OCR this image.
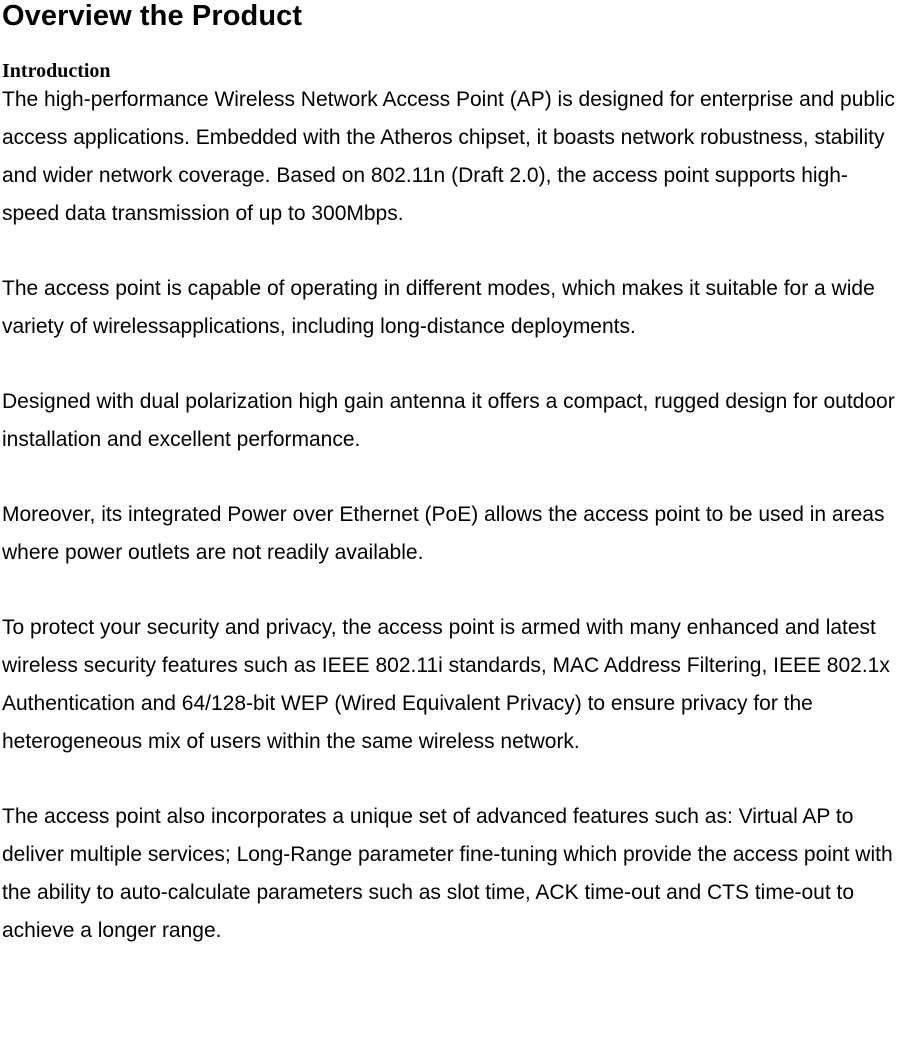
Overview the Product
Introduction

The high-performance Wireless Network Access Point (AP) is designed for enterprise and public access applications. Embedded with the Atheros chipset, it boasts network robustness, stability and wider network coverage. Based on 802.11n (Draft 2.0), the access point supports high-speed data transmission of up to 300Mbps.

The access point is capable of operating in different modes, which makes it suitable for a wide variety of wirelessapplications, including long-distance deployments.

Designed with dual polarization high gain antenna it offers a compact, rugged design for outdoor installation and excellent performance.

Moreover, its integrated Power over Ethernet (PoE) allows the access point to be used in areas where power outlets are not readily available.

To protect your security and privacy, the access point is armed with many enhanced and latest wireless security features such as IEEE 802.11i standards, MAC Address Filtering, IEEE 802.1x Authentication and 64/128-bit WEP (Wired Equivalent Privacy) to ensure privacy for the heterogeneous mix of users within the same wireless network.

The access point also incorporates a unique set of advanced features such as: Virtual AP to deliver multiple services; Long-Range parameter fine-tuning which provide the access point with the ability to auto-calculate parameters such as slot time, ACK time-out and CTS time-out to achieve a longer range.
